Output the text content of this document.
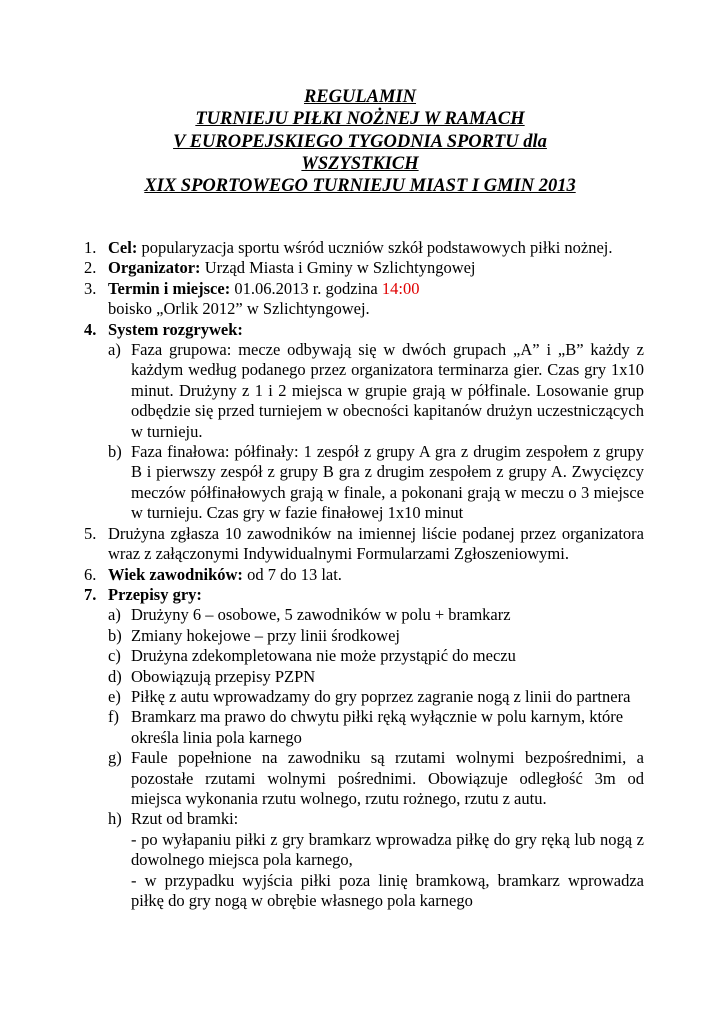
REGULAMIN
TURNIEJU PIŁKI NOŻNEJ W RAMACH
V EUROPEJSKIEGO TYGODNIA SPORTU dla
WSZYSTKICH
XIX SPORTOWEGO TURNIEJU MIAST I GMIN 2013
1. Cel: popularyzacja sportu wśród uczniów szkół podstawowych piłki nożnej.
2. Organizator: Urząd Miasta i Gminy w Szlichtyngowej
3. Termin i miejsce: 01.06.2013 r. godzina 14:00
boisko „Orlik 2012” w Szlichtyngowej.
4. System rozgrywek:
a) Faza grupowa: mecze odbywają się w dwóch grupach „A” i „B” każdy z każdym według podanego przez organizatora terminarza gier. Czas gry 1x10 minut. Drużyny z 1 i 2 miejsca w grupie grają w półfinale. Losowanie grup odbędzie się przed turniejem w obecności kapitanów drużyn uczestniczących w turnieju.
b) Faza finałowa: półfinały: 1 zespół z grupy A gra z drugim zespołem z grupy B i pierwszy zespół z grupy B gra z drugim zespołem z grupy A. Zwycięzcy meczów półfinałowych grają w finale, a pokonani grają w meczu o 3 miejsce w turnieju. Czas gry w fazie finałowej 1x10 minut
5. Drużyna zgłasza 10 zawodników na imiennej liście podanej przez organizatora wraz z załączonymi Indywidualnymi Formularzami Zgłoszeniowymi.
6. Wiek zawodników: od 7 do 13 lat.
7. Przepisy gry:
a) Drużyny 6 – osobowe, 5 zawodników w polu + bramkarz
b) Zmiany hokejowe – przy linii środkowej
c) Drużyna zdekompletowana nie może przystąpić do meczu
d) Obowiązują przepisy PZPN
e) Piłkę z autu wprowadzamy do gry poprzez zagranie nogą z linii do partnera
f) Bramkarz ma prawo do chwytu piłki ręką wyłącznie w polu karnym, które określa linia pola karnego
g) Faule popełnione na zawodniku są rzutami wolnymi bezpośrednimi, a pozostałe rzutami wolnymi pośrednimi. Obowiązuje odległość 3m od miejsca wykonania rzutu wolnego, rzutu rożnego, rzutu z autu.
h) Rzut od bramki:
- po wyłapaniu piłki z gry bramkarz wprowadza piłkę do gry ręką lub nogą z dowolnego miejsca pola karnego,
- w przypadku wyjścia piłki poza linię bramkową, bramkarz wprowadza piłkę do gry nogą w obrębie własnego pola karnego
